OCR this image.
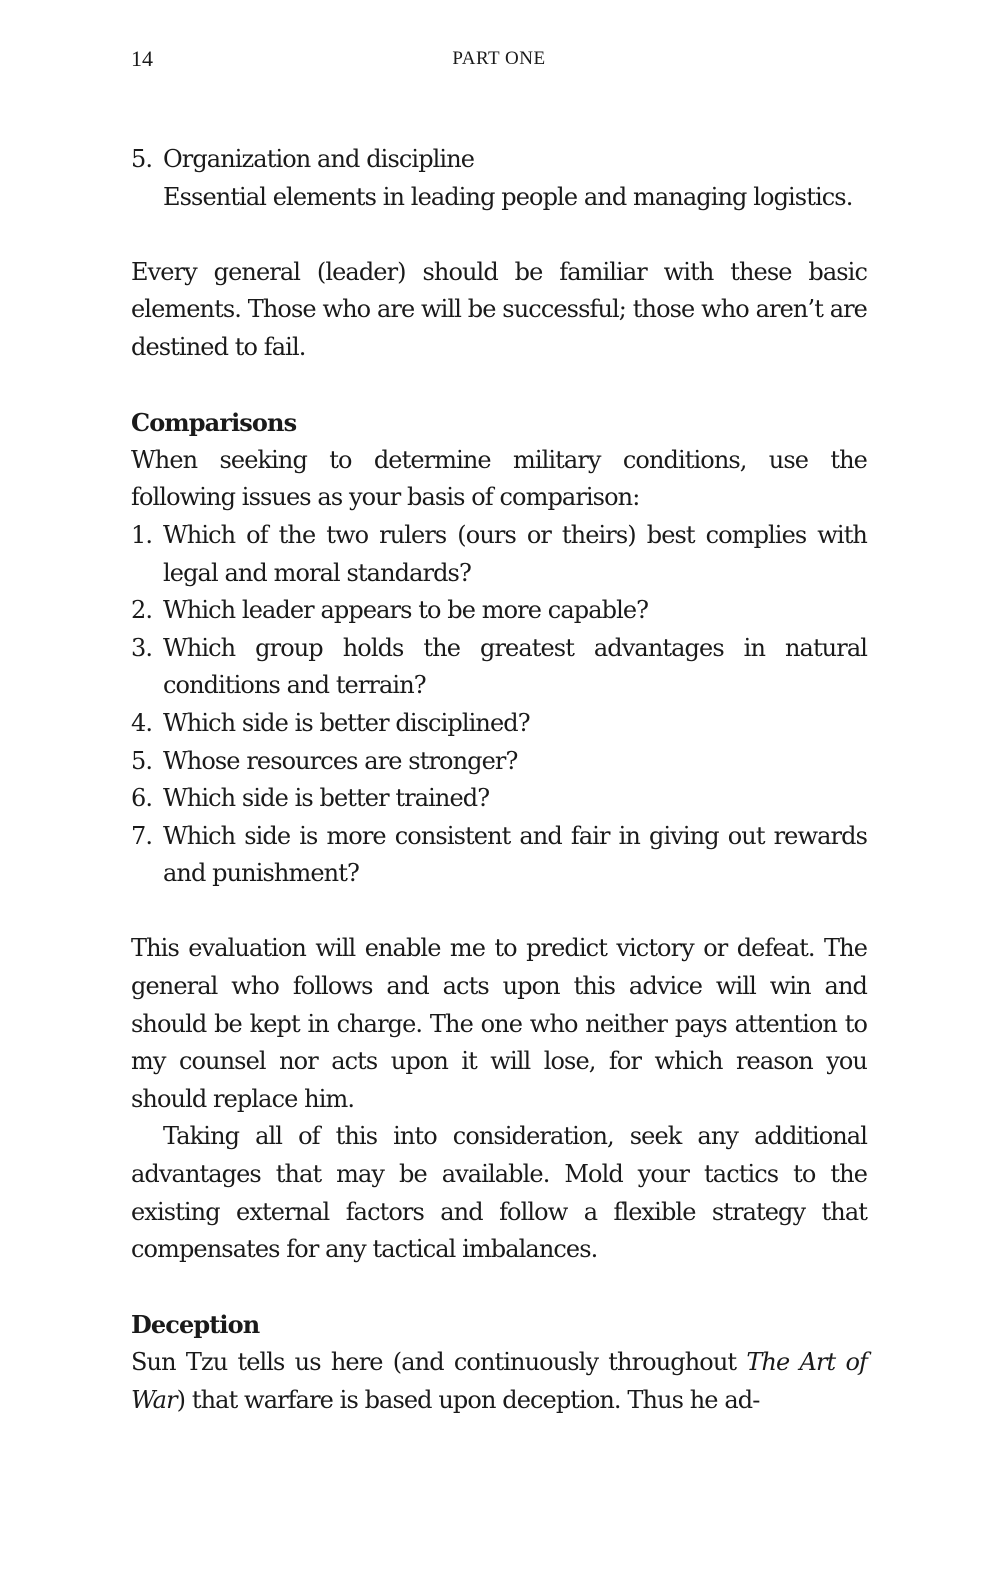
14	PART ONE
5. Organization and discipline
Essential elements in leading people and managing logistics.

Every general (leader) should be familiar with these basic elements. Those who are will be successful; those who aren’t are destined to fail.

Comparisons

When seeking to determine military conditions, use the following issues as your basis of comparison:

1. Which of the two rulers (ours or theirs) best complies with legal and moral standards?
2. Which leader appears to be more capable?
3. Which group holds the greatest advantages in natural conditions and terrain?
4. Which side is better disciplined?
5. Whose resources are stronger?
6. Which side is better trained?
7. Which side is more consistent and fair in giving out rewards and punishment?

This evaluation will enable me to predict victory or defeat. The general who follows and acts upon this advice will win and should be kept in charge. The one who neither pays attention to my counsel nor acts upon it will lose, for which reason you should replace him.

Taking all of this into consideration, seek any additional advantages that may be available. Mold your tactics to the existing external factors and follow a flexible strategy that compensates for any tactical imbalances.

Deception

Sun Tzu tells us here (and continuously throughout The Art of War) that warfare is based upon deception. Thus he ad-
